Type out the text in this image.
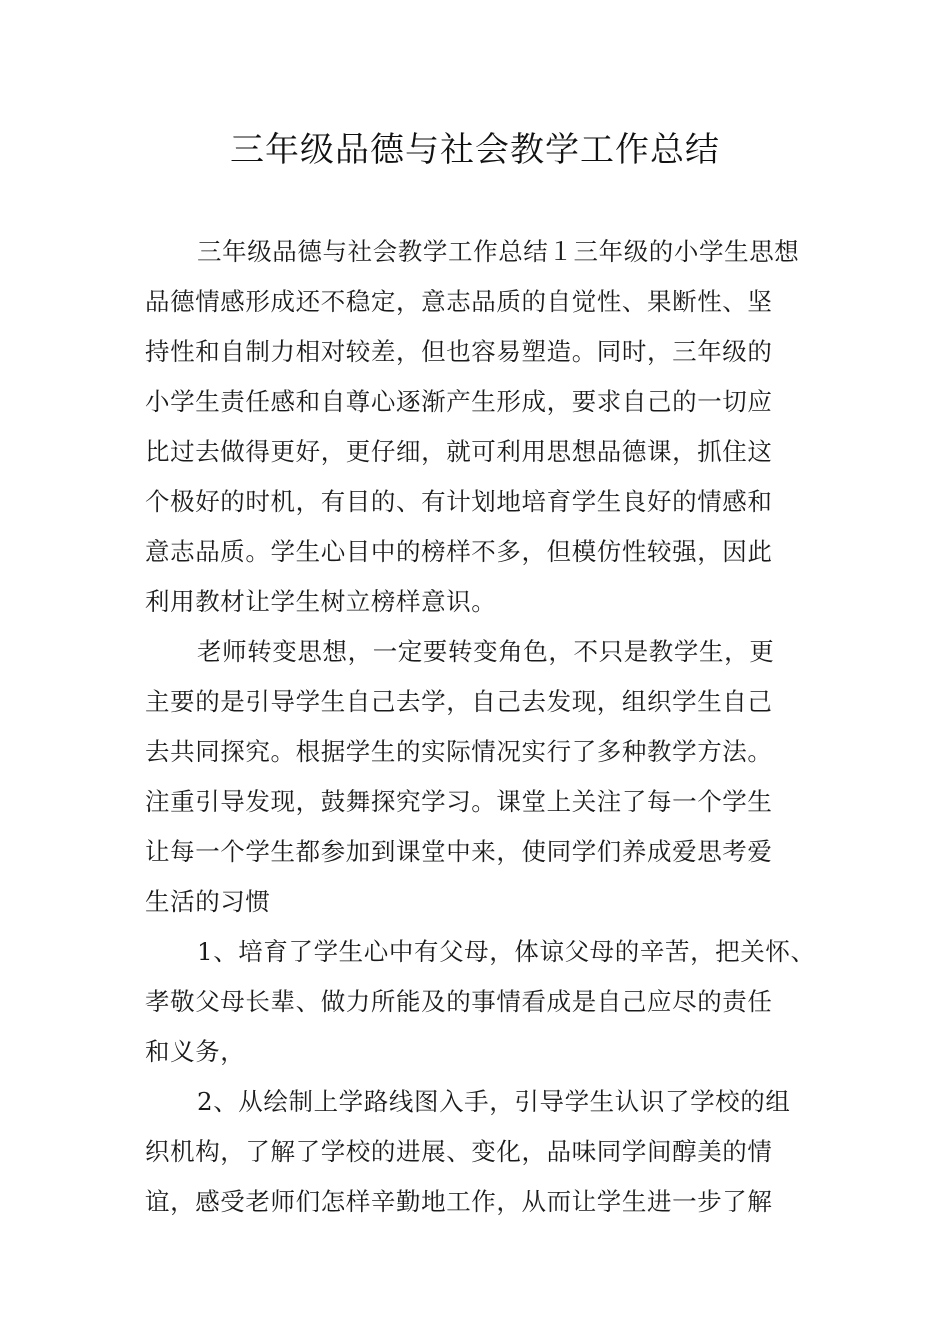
三年级品德与社会教学工作总结
三年级品德与社会教学工作总结１三年级的小学生思想
品德情感形成还不稳定，意志品质的自觉性、果断性、坚
持性和自制力相对较差，但也容易塑造。同时，三年级的
小学生责任感和自尊心逐渐产生形成，要求自己的一切应
比过去做得更好，更仔细，就可利用思想品德课，抓住这
个极好的时机，有目的、有计划地培育学生良好的情感和
意志品质。学生心目中的榜样不多，但模仿性较强，因此
利用教材让学生树立榜样意识。
老师转变思想，一定要转变角色，不只是教学生，更
主要的是引导学生自己去学，自己去发现，组织学生自己
去共同探究。根据学生的实际情况实行了多种教学方法。
注重引导发现，鼓舞探究学习。课堂上关注了每一个学生
让每一个学生都参加到课堂中来，使同学们养成爱思考爱
生活的习惯
1、培育了学生心中有父母，体谅父母的辛苦，把关怀、
孝敬父母长辈、做力所能及的事情看成是自己应尽的责任
和义务，
2、从绘制上学路线图入手，引导学生认识了学校的组
织机构，了解了学校的进展、变化，品味同学间醇美的情
谊，感受老师们怎样辛勤地工作，从而让学生进一步了解
